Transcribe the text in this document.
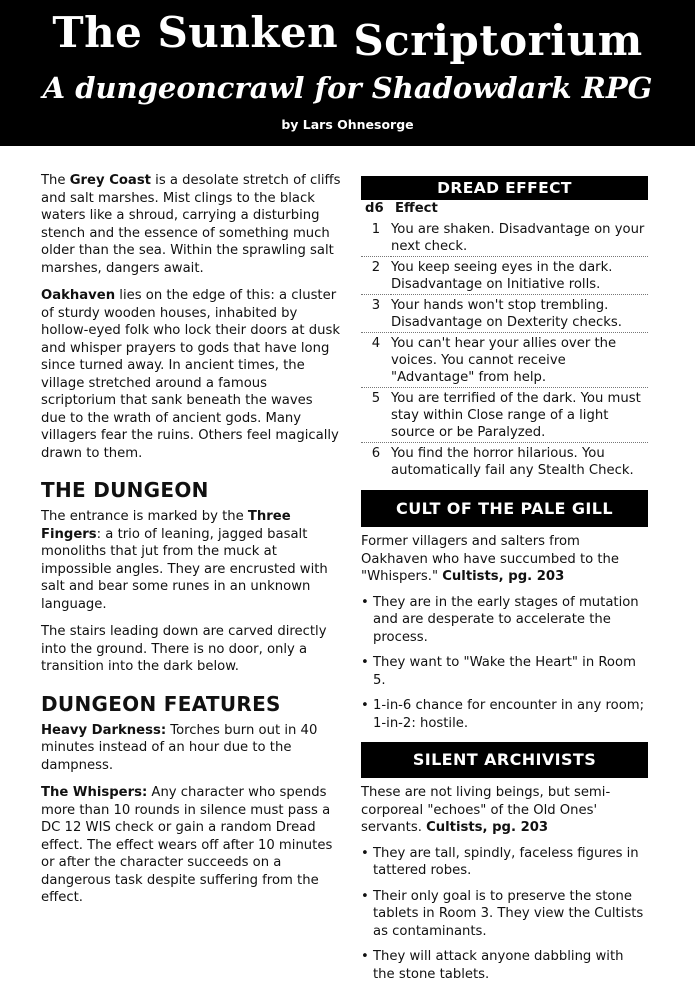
The Sunken Scriptorium
A dungeoncrawl for Shadowdark RPG
by Lars Ohnesorge

The Grey Coast is a desolate stretch of cliffs and salt marshes. Mist clings to the black waters like a shroud, carrying a disturbing stench and the essence of something much older than the sea. Within the sprawling salt marshes, dangers await.

Oakhaven lies on the edge of this: a cluster of sturdy wooden houses, inhabited by hollow-eyed folk who lock their doors at dusk and whisper prayers to gods that have long since turned away. In ancient times, the village stretched around a famous scriptorium that sank beneath the waves due to the wrath of ancient gods. Many villagers fear the ruins. Others feel magically drawn to them.

THE DUNGEON

The entrance is marked by the Three Fingers: a trio of leaning, jagged basalt monoliths that jut from the muck at impossible angles. They are encrusted with salt and bear some runes in an unknown language.

The stairs leading down are carved directly into the ground. There is no door, only a transition into the dark below.

DUNGEON FEATURES

Heavy Darkness: Torches burn out in 40 minutes instead of an hour due to the dampness.

The Whispers: Any character who spends more than 10 rounds in silence must pass a DC 12 WIS check or gain a random Dread effect. The effect wears off after 10 minutes or after the character succeeds on a dangerous task despite suffering from the effect.

DREAD EFFECT
d6	Effect
1	You are shaken. Disadvantage on your next check.
2	You keep seeing eyes in the dark. Disadvantage on Initiative rolls.
3	Your hands won't stop trembling. Disadvantage on Dexterity checks.
4	You can't hear your allies over the voices. You cannot receive "Advantage" from help.
5	You are terrified of the dark. You must stay within Close range of a light source or be Paralyzed.
6	You find the horror hilarious. You automatically fail any Stealth Check.
CULT OF THE PALE GILL

Former villagers and salters from Oakhaven who have succumbed to the "Whispers." Cultists, pg. 203

• They are in the early stages of mutation and are desperate to accelerate the process.
• They want to "Wake the Heart" in Room 5.
• 1-in-6 chance for encounter in any room; 1-in-2: hostile.
SILENT ARCHIVISTS

These are not living beings, but semi-corporeal "echoes" of the Old Ones' servants. Cultists, pg. 203

• They are tall, spindly, faceless figures in tattered robes.
• Their only goal is to preserve the stone tablets in Room 3. They view the Cultists as contaminants.
• They will attack anyone dabbling with the stone tablets.
